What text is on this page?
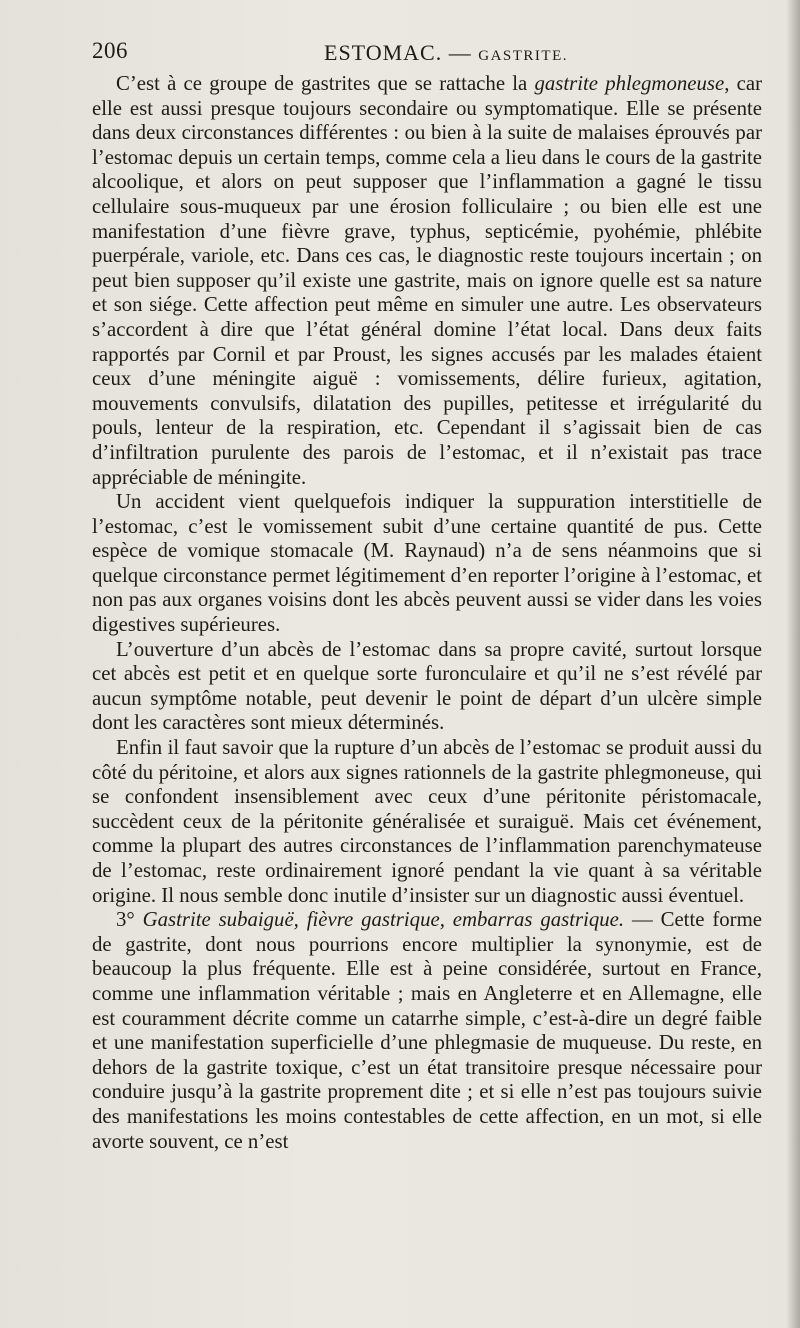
206	ESTOMAC. — GASTRITE.

C’est à ce groupe de gastrites que se rattache la gastrite phlegmoneuse, car elle est aussi presque toujours secondaire ou symptomatique. Elle se présente dans deux circonstances différentes : ou bien à la suite de malaises éprouvés par l’estomac depuis un certain temps, comme cela a lieu dans le cours de la gastrite alcoolique, et alors on peut supposer que l’inflammation a gagné le tissu cellulaire sous-muqueux par une érosion folliculaire ; ou bien elle est une manifestation d’une fièvre grave, typhus, septicémie, pyohémie, phlébite puerpérale, variole, etc. Dans ces cas, le diagnostic reste toujours incertain ; on peut bien supposer qu’il existe une gastrite, mais on ignore quelle est sa nature et son siége. Cette affection peut même en simuler une autre. Les observateurs s’accordent à dire que l’état général domine l’état local. Dans deux faits rapportés par Cornil et par Proust, les signes accusés par les malades étaient ceux d’une méningite aiguë : vomissements, délire furieux, agitation, mouvements convulsifs, dilatation des pupilles, petitesse et irrégularité du pouls, lenteur de la respiration, etc. Cependant il s’agissait bien de cas d’infiltration purulente des parois de l’estomac, et il n’existait pas trace appréciable de méningite.

Un accident vient quelquefois indiquer la suppuration interstitielle de l’estomac, c’est le vomissement subit d’une certaine quantité de pus. Cette espèce de vomique stomacale (M. Raynaud) n’a de sens néanmoins que si quelque circonstance permet légitimement d’en reporter l’origine à l’estomac, et non pas aux organes voisins dont les abcès peuvent aussi se vider dans les voies digestives supérieures.

L’ouverture d’un abcès de l’estomac dans sa propre cavité, surtout lorsque cet abcès est petit et en quelque sorte furonculaire et qu’il ne s’est révélé par aucun symptôme notable, peut devenir le point de départ d’un ulcère simple dont les caractères sont mieux déterminés.

Enfin il faut savoir que la rupture d’un abcès de l’estomac se produit aussi du côté du péritoine, et alors aux signes rationnels de la gastrite phlegmoneuse, qui se confondent insensiblement avec ceux d’une péritonite péristomacale, succèdent ceux de la péritonite généralisée et suraiguë. Mais cet événement, comme la plupart des autres circonstances de l’inflammation parenchymateuse de l’estomac, reste ordinairement ignoré pendant la vie quant à sa véritable origine. Il nous semble donc inutile d’insister sur un diagnostic aussi éventuel.

3° Gastrite subaiguë, fièvre gastrique, embarras gastrique. — Cette forme de gastrite, dont nous pourrions encore multiplier la synonymie, est de beaucoup la plus fréquente. Elle est à peine considérée, surtout en France, comme une inflammation véritable ; mais en Angleterre et en Allemagne, elle est couramment décrite comme un catarrhe simple, c’est-à-dire un degré faible et une manifestation superficielle d’une phlegmasie de muqueuse. Du reste, en dehors de la gastrite toxique, c’est un état transitoire presque nécessaire pour conduire jusqu’à la gastrite proprement dite ; et si elle n’est pas toujours suivie des manifestations les moins contestables de cette affection, en un mot, si elle avorte souvent, ce n’est
